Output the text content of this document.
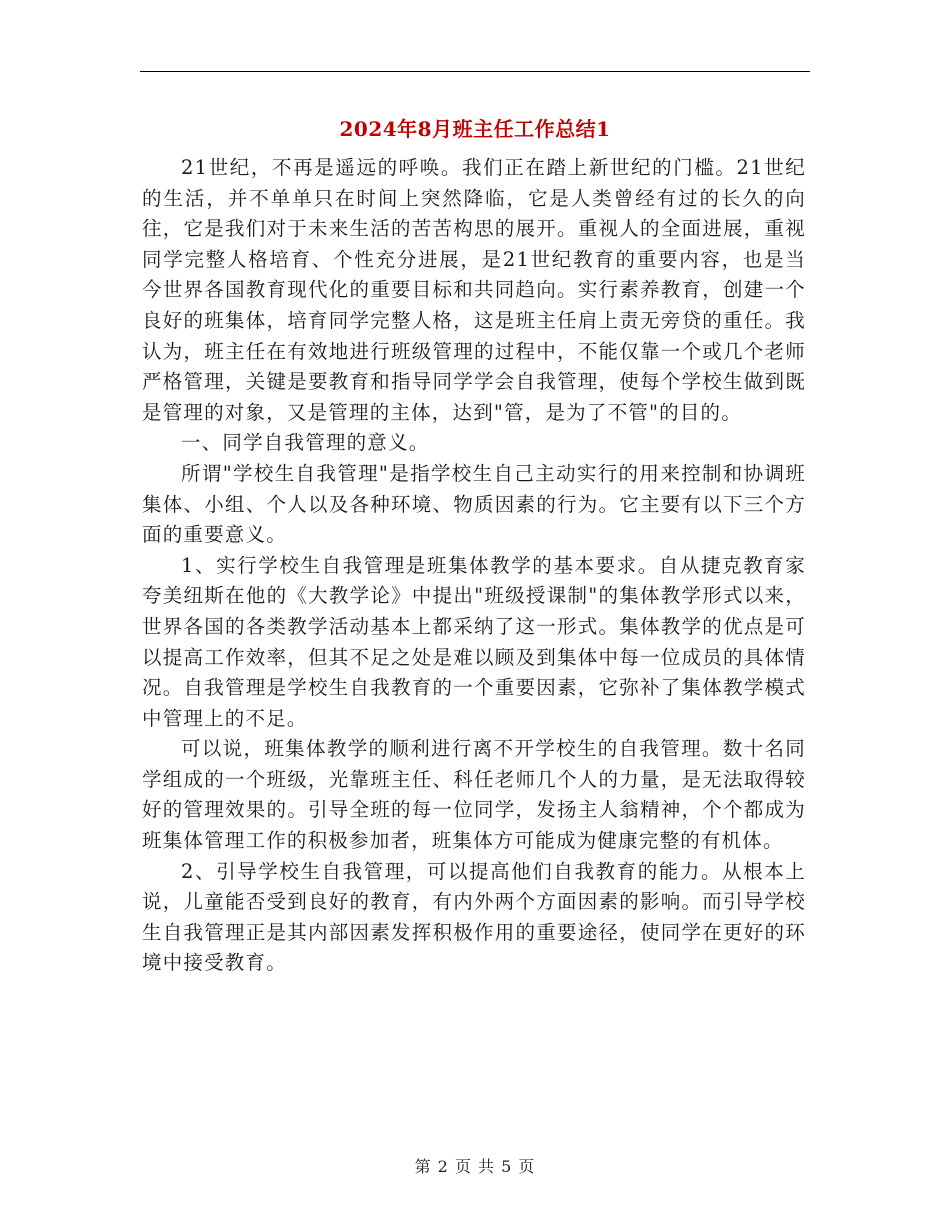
2024年8月班主任工作总结1

21世纪，不再是遥远的呼唤。我们正在踏上新世纪的门槛。21世纪的生活，并不单单只在时间上突然降临，它是人类曾经有过的长久的向往，它是我们对于未来生活的苦苦构思的展开。重视人的全面进展，重视同学完整人格培育、个性充分进展，是21世纪教育的重要内容，也是当今世界各国教育现代化的重要目标和共同趋向。实行素养教育，创建一个良好的班集体，培育同学完整人格，这是班主任肩上责无旁贷的重任。我认为，班主任在有效地进行班级管理的过程中，不能仅靠一个或几个老师严格管理，关键是要教育和指导同学学会自我管理，使每个学校生做到既是管理的对象，又是管理的主体，达到"管，是为了不管"的目的。

一、同学自我管理的意义。

所谓"学校生自我管理"是指学校生自己主动实行的用来控制和协调班集体、小组、个人以及各种环境、物质因素的行为。它主要有以下三个方面的重要意义。

1、实行学校生自我管理是班集体教学的基本要求。自从捷克教育家夸美纽斯在他的《大教学论》中提出"班级授课制"的集体教学形式以来，世界各国的各类教学活动基本上都采纳了这一形式。集体教学的优点是可以提高工作效率，但其不足之处是难以顾及到集体中每一位成员的具体情况。自我管理是学校生自我教育的一个重要因素，它弥补了集体教学模式中管理上的不足。

可以说，班集体教学的顺利进行离不开学校生的自我管理。数十名同学组成的一个班级，光靠班主任、科任老师几个人的力量，是无法取得较好的管理效果的。引导全班的每一位同学，发扬主人翁精神，个个都成为班集体管理工作的积极参加者，班集体方可能成为健康完整的有机体。

2、引导学校生自我管理，可以提高他们自我教育的能力。从根本上说，儿童能否受到良好的教育，有内外两个方面因素的影响。而引导学校生自我管理正是其内部因素发挥积极作用的重要途径，使同学在更好的环境中接受教育。

第 2 页 共 5 页
